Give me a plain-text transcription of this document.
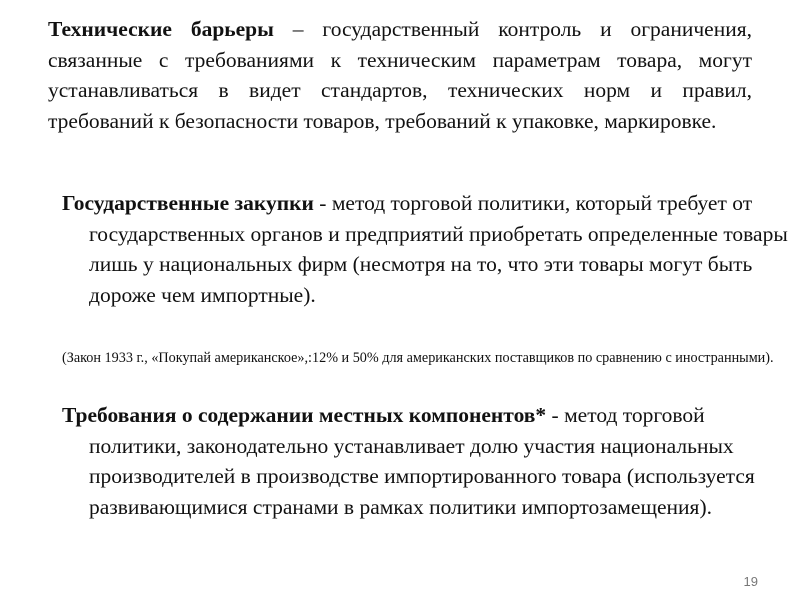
Технические барьеры – государственный контроль и ограничения, связанные с требованиями к техническим параметрам товара, могут устанавливаться в видет стандартов, технических норм и правил, требований к безопасности товаров, требований к упаковке, маркировке.
Государственные закупки - метод торговой политики, который требует от государственных органов и предприятий приобретать определенные товары лишь у национальных фирм (несмотря на то, что эти товары могут быть дороже чем импортные).
(Закон 1933 г., «Покупай американское»,:12% и 50% для американских поставщиков по сравнению с иностранными).
Требования о содержании местных компонентов* - метод торговой политики, законодательно устанавливает долю участия национальных производителей в производстве импортированного товара (используется развивающимися странами в рамках политики импортозамещения).
19
